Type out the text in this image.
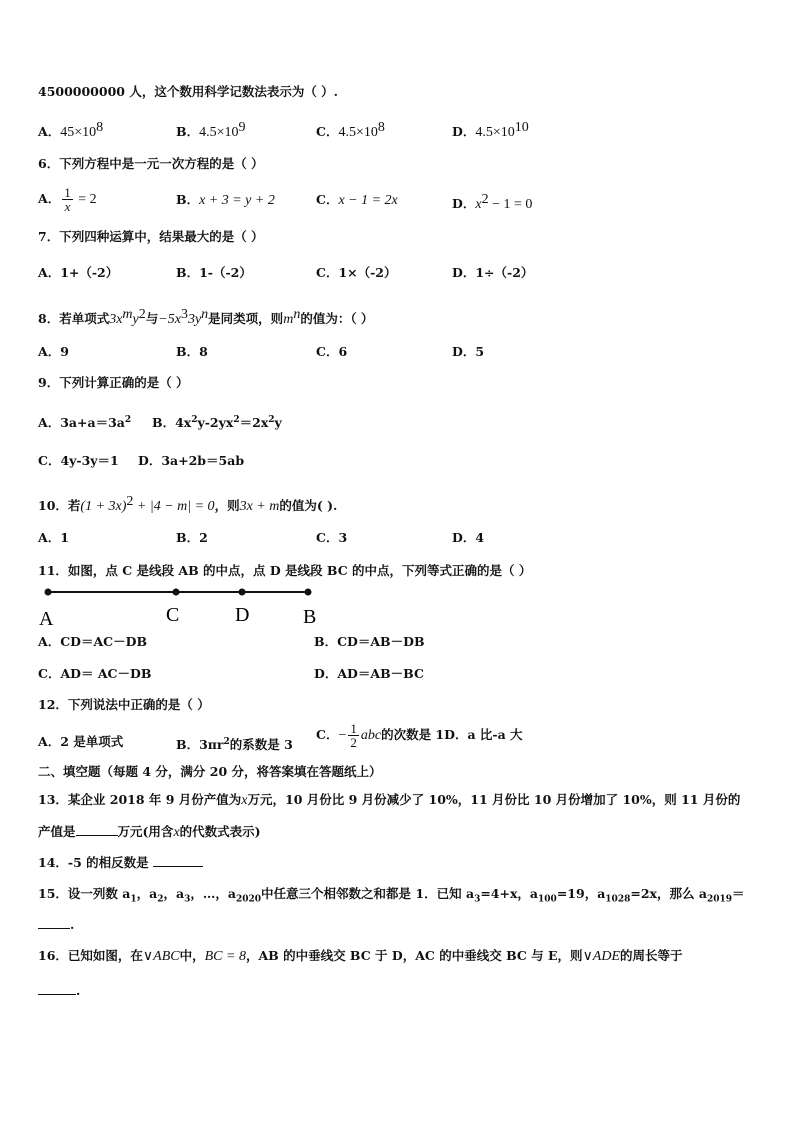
4500000000 人，这个数用科学记数法表示为（ ）.
A．$45\times 10^8$	B．$4.5\times 10^9$	C．$4.5\times 10^8$	D．$4.5\times 10^{10}$
6．下列方程中是一元一次方程的是（ ）
A． $\frac{1}{x} = 2$	B．x + 3 = y + 2	C．x − 1 = 2x	D．$x^2 - 1 = 0$
7．下列四种运算中，结果最大的是（ ）
A．1+（-2）	B．1-（-2）	C．1×（-2）	D．1÷（-2）
8．若单项式$3x^my^2$与$-5x^33y^n$是同类项，则$m^n$的值为：（ ）
A．9	B．8	C．6	D．5
9．下列计算正确的是（ ）
A．$3a+a=3a^2$ B．$4x^2y-2yx^2=2x^2y$
C．4y-3y＝1 D．3a+2b＝5ab
10．若$(1 + 3x)^2 + |4 - m| = 0$，则3x + m的值为( ).
A．1	B．2	C．3	D．4
11．如图，点 C 是线段 AB 的中点，点 D 是线段 BC 的中点，下列等式正确的是（ ）
A	C	D	B
A．CD＝AC－DB	B．CD＝AB－DB
C．AD＝ AC－DB	D．AD＝AB－BC
12．下列说法中正确的是（ ）
A．2 是单项式	B．$3\pi r^2$的系数是 3
C．− $\frac{1}{2}$ abc的次数是 1D．a 比-a 大
二、填空题（每题 4 分，满分 20 分，将答案填在答题纸上）
13．某企业 2018 年 9 月份产值为x万元，10 月份比 9 月份减少了 10%，11 月份比 10 月份增加了 10%，则 11 月份的
产值是	万元(用含x的代数式表示)
14．-5 的相反数是
15．设一列数 $a_1$，$a_2$，$a_3$，…，$a_{2020}$中任意三个相邻数之和都是 1．已知 $a_3=4+x$，$a_{100}=19$，$a_{1028}=2x$，那么 $a_{2019}=$
.
16．已知如图，在∨ABC中，BC = 8，AB 的中垂线交 BC 于 D，AC 的中垂线交 BC 与 E，则∨ADE的周长等于
.
